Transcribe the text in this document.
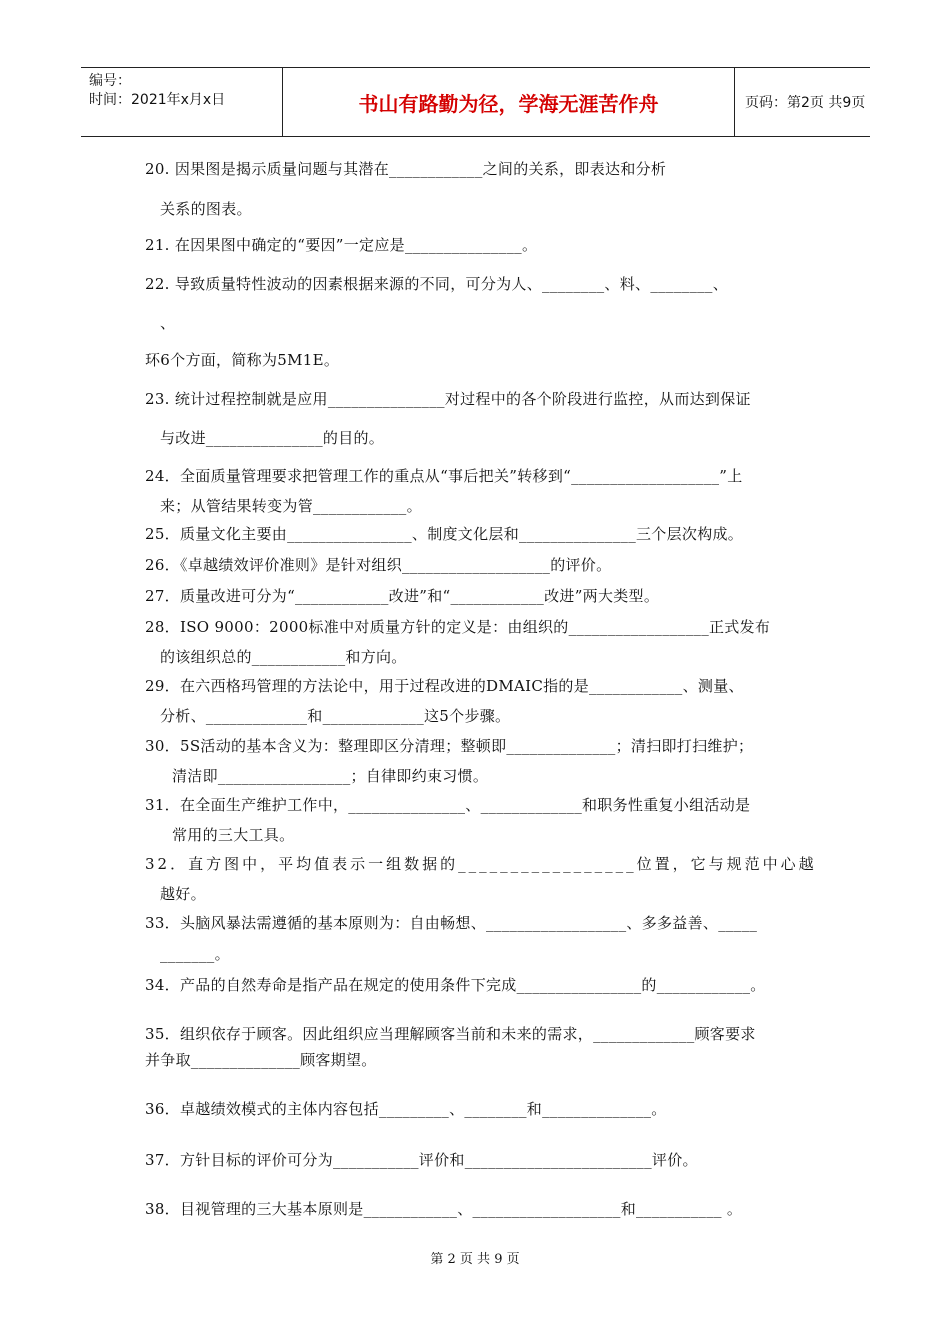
编号：
时间：2021年x月x日	书山有路勤为径，学海无涯苦作舟	页码：第2页 共9页
20. 因果图是揭示质量问题与其潜在____________之间的关系，即表达和分析
关系的图表。
21. 在因果图中确定的“要因”一定应是_______________。
22. 导致质量特性波动的因素根据来源的不同，可分为人、________、料、________、
、
环6个方面，简称为5M1E。
23. 统计过程控制就是应用_______________对过程中的各个阶段进行监控，从而达到保证
与改进_______________的目的。
24．全面质量管理要求把管理工作的重点从“事后把关”转移到“___________________”上
来；从管结果转变为管____________。
25．质量文化主要由________________、制度文化层和_______________三个层次构成。
26．《卓越绩效评价准则》是针对组织___________________的评价。
27．质量改进可分为“____________改进”和“____________改进”两大类型。
28．ISO 9000：2000标准中对质量方针的定义是：由组织的__________________正式发布
的该组织总的____________和方向。
29．在六西格玛管理的方法论中，用于过程改进的DMAIC指的是____________、测量、
分析、_____________和_____________这5个步骤。
30．5S活动的基本含义为：整理即区分清理；整顿即______________；清扫即打扫维护；
清洁即_________________；自律即约束习惯。
31．在全面生产维护工作中，_______________、_____________和职务性重复小组活动是
常用的三大工具。
32．直方图中，平均值表示一组数据的_________________位置，它与规范中心越
越好。
33．头脑风暴法需遵循的基本原则为：自由畅想、__________________、多多益善、_____
_______。
34．产品的自然寿命是指产品在规定的使用条件下完成________________的____________。
35．组织依存于顾客。因此组织应当理解顾客当前和未来的需求，_____________顾客要求
并争取______________顾客期望。
36．卓越绩效模式的主体内容包括_________、________和______________。
37．方针目标的评价可分为___________评价和________________________评价。
38．目视管理的三大基本原则是____________、___________________和___________ 。
第 2 页 共 9 页
